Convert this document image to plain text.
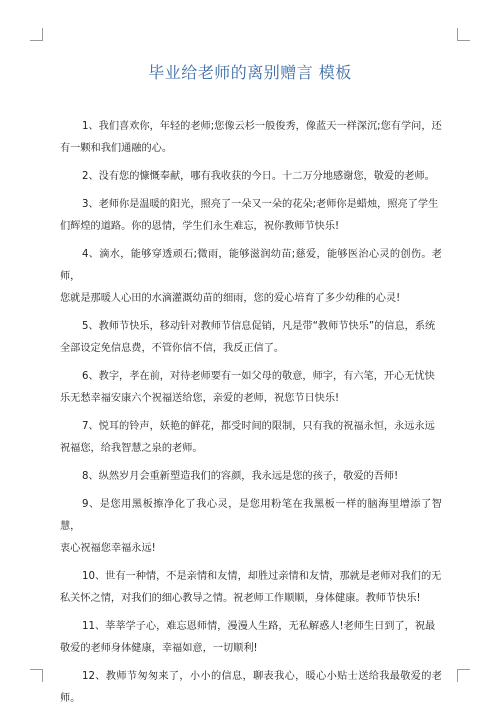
毕业给老师的离别赠言 模板

1、我们喜欢你，年轻的老师;您像云杉一般俊秀，像蓝天一样深沉;您有学问，还
有一颗和我们通融的心。

2、没有您的慷慨奉献，哪有我收获的今日。十二万分地感谢您，敬爱的老师。

3、老师你是温暖的阳光，照亮了一朵又一朵的花朵;老师你是蜡烛，照亮了学生
们辉煌的道路。你的恩情，学生们永生难忘，祝你教师节快乐!

4、滴水，能够穿透顽石;微雨，能够滋润幼苗;慈爱，能够医治心灵的创伤。老师，
您就是那暖人心田的水滴灌溉幼苗的细雨，您的爱心培育了多少幼稚的心灵!

5、教师节快乐，移动针对教师节信息促销，凡是带“教师节快乐”的信息，系统
全部设定免信息费，不管你信不信，我反正信了。

6、教字，孝在前，对待老师要有一如父母的敬意，师字，有六笔，开心无忧快
乐无愁幸福安康六个祝福送给您，亲爱的老师，祝您节日快乐!

7、悦耳的铃声，妖艳的鲜花，都受时间的限制，只有我的祝福永恒，永远永远
祝福您，给我智慧之泉的老师。

8、纵然岁月会重新塑造我们的容颜，我永远是您的孩子，敬爱的吾师!

9、是您用黑板擦净化了我心灵，是您用粉笔在我黑板一样的脑海里增添了智慧，
衷心祝福您幸福永远!

10、世有一种情，不是亲情和友情，却胜过亲情和友情，那就是老师对我们的无
私关怀之情，对我们的细心教导之情。祝老师工作顺顺，身体健康。教师节快乐!

11、莘莘学子心，难忘恩师情，漫漫人生路，无私解惑人!老师生日到了，祝最
敬爱的老师身体健康，幸福如意，一切顺利!

12、教师节匆匆来了，小小的信息，聊表我心，暖心小贴士送给我最敬爱的老师。
